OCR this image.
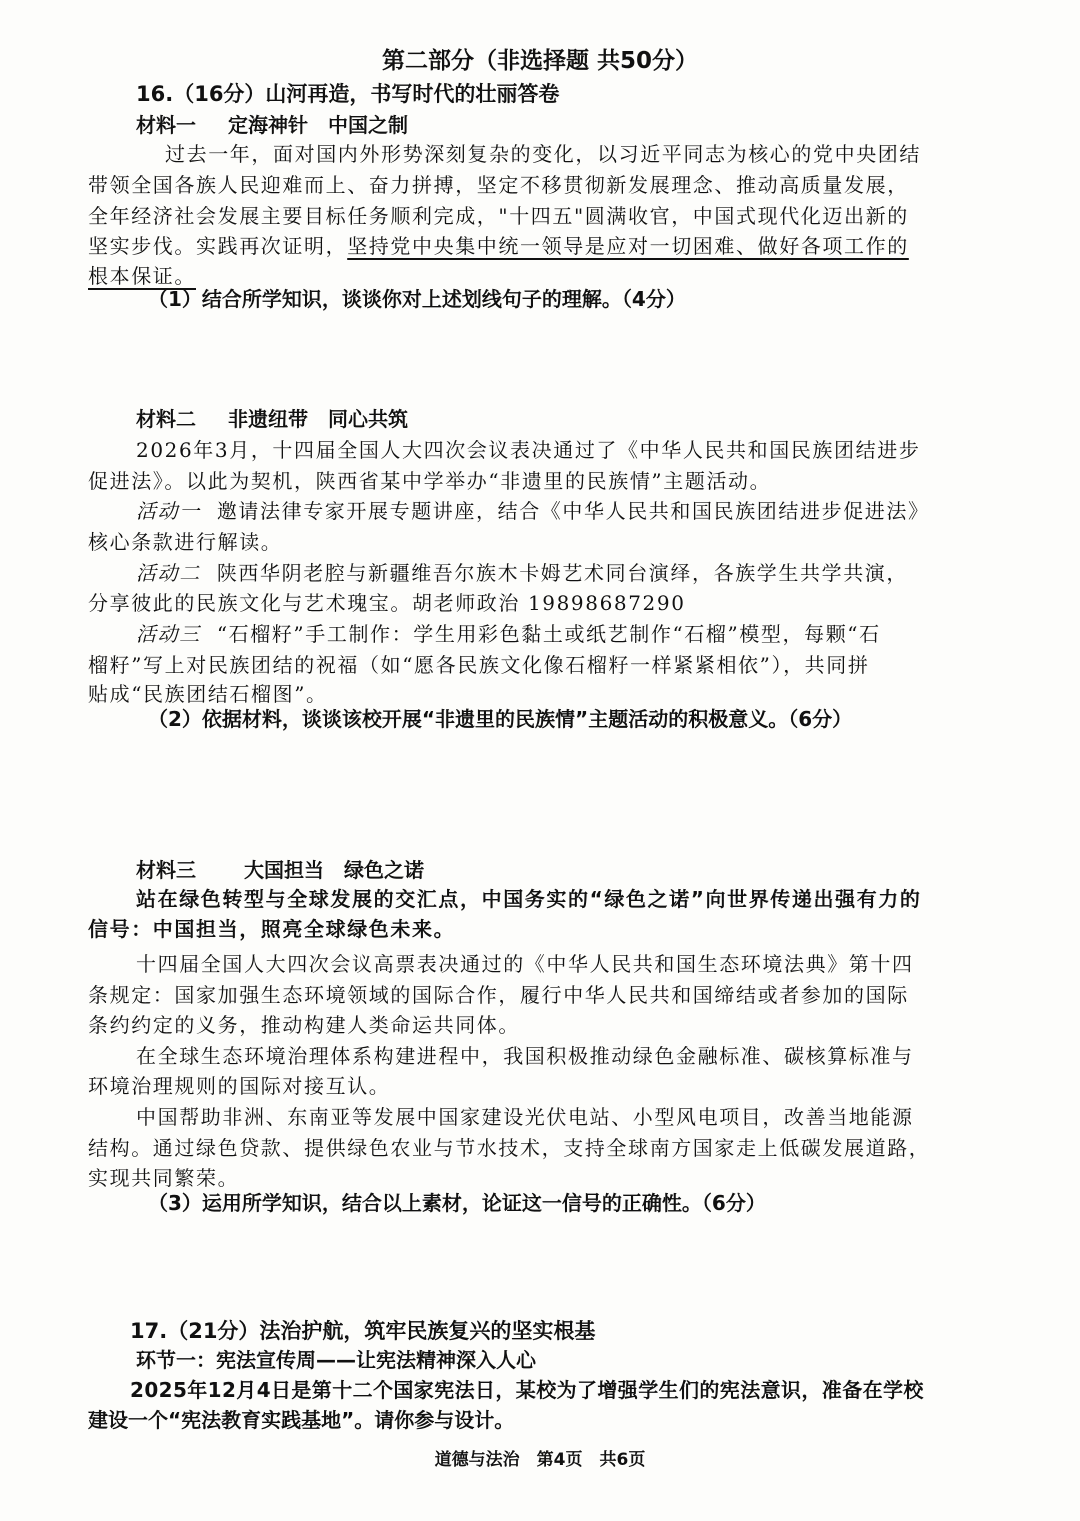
第二部分（非选择题 共50分）
16.（16分）山河再造，书写时代的壮丽答卷
材料一 定海神针　中国之制
过去一年，面对国内外形势深刻复杂的变化，以习近平同志为核心的党中央团结
带领全国各族人民迎难而上、奋力拼搏，坚定不移贯彻新发展理念、推动高质量发展，
全年经济社会发展主要目标任务顺利完成，"十四五"圆满收官，中国式现代化迈出新的
坚实步伐。实践再次证明，坚持党中央集中统一领导是应对一切困难、做好各项工作的
根本保证。
（1）结合所学知识，谈谈你对上述划线句子的理解。（4分）
材料二 非遗纽带　同心共筑
2026年3月，十四届全国人大四次会议表决通过了《中华人民共和国民族团结进步
促进法》。以此为契机，陕西省某中学举办“非遗里的民族情”主题活动。
活动一 邀请法律专家开展专题讲座，结合《中华人民共和国民族团结进步促进法》
核心条款进行解读。
活动二 陕西华阴老腔与新疆维吾尔族木卡姆艺术同台演绎，各族学生共学共演，
分享彼此的民族文化与艺术瑰宝。胡老师政治 19898687290
活动三 “石榴籽”手工制作：学生用彩色黏土或纸艺制作“石榴”模型，每颗“石
榴籽”写上对民族团结的祝福（如“愿各民族文化像石榴籽一样紧紧相依”），共同拼
贴成“民族团结石榴图”。
（2）依据材料，谈谈该校开展“非遗里的民族情”主题活动的积极意义。（6分）
材料三 大国担当　绿色之诺
站在绿色转型与全球发展的交汇点，中国务实的“绿色之诺”向世界传递出强有力的
信号：中国担当，照亮全球绿色未来。
十四届全国人大四次会议高票表决通过的《中华人民共和国生态环境法典》第十四
条规定：国家加强生态环境领域的国际合作，履行中华人民共和国缔结或者参加的国际
条约约定的义务，推动构建人类命运共同体。
在全球生态环境治理体系构建进程中，我国积极推动绿色金融标准、碳核算标准与
环境治理规则的国际对接互认。
中国帮助非洲、东南亚等发展中国家建设光伏电站、小型风电项目，改善当地能源
结构。通过绿色贷款、提供绿色农业与节水技术，支持全球南方国家走上低碳发展道路，
实现共同繁荣。
（3）运用所学知识，结合以上素材，论证这一信号的正确性。（6分）
17.（21分）法治护航，筑牢民族复兴的坚实根基
环节一：宪法宣传周——让宪法精神深入人心
2025年12月4日是第十二个国家宪法日，某校为了增强学生们的宪法意识，准备在学校
建设一个“宪法教育实践基地”。请你参与设计。
道德与法治　第4页　共6页
